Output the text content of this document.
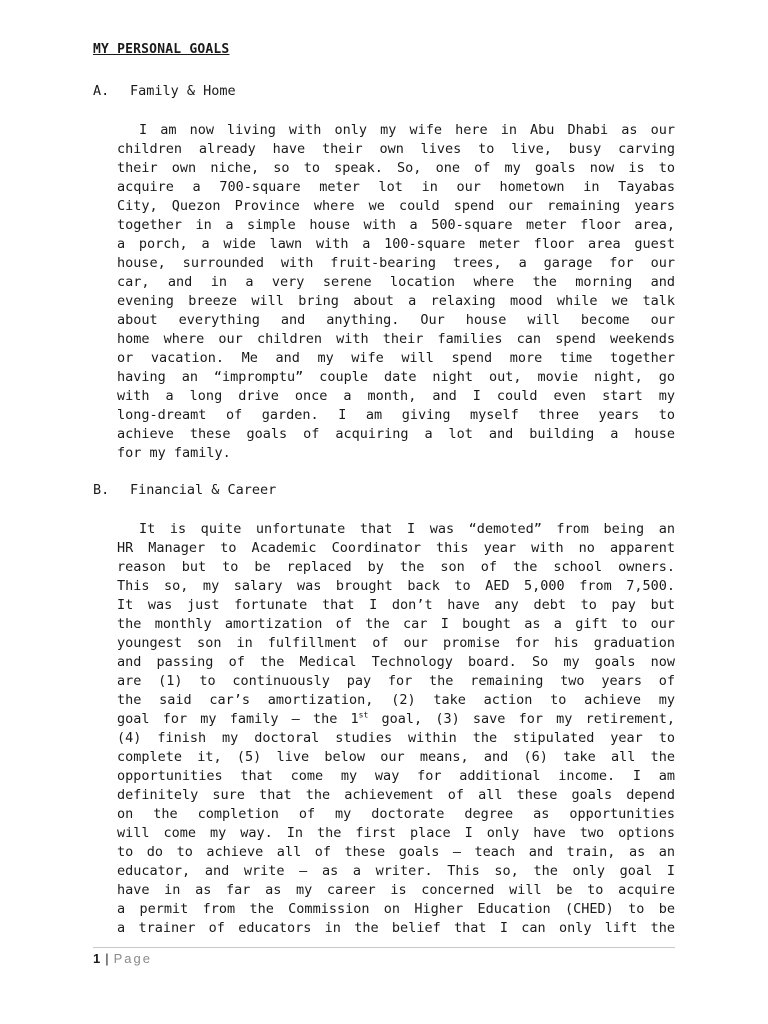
MY PERSONAL GOALS
A. Family & Home
I am now living with only my wife here in Abu Dhabi as our
children already have their own lives to live, busy carving
their own niche, so to speak. So, one of my goals now is to
acquire a 700-square meter lot in our hometown in Tayabas
City, Quezon Province where we could spend our remaining years
together in a simple house with a 500-square meter floor area,
a porch, a wide lawn with a 100-square meter floor area guest
house, surrounded with fruit-bearing trees, a garage for our
car, and in a very serene location where the morning and
evening breeze will bring about a relaxing mood while we talk
about everything and anything. Our house will become our
home where our children with their families can spend weekends
or vacation. Me and my wife will spend more time together
having an “impromptu” couple date night out, movie night, go
with a long drive once a month, and I could even start my
long-dreamt of garden. I am giving myself three years to
achieve these goals of acquiring a lot and building a house
for my family.
B. Financial & Career
It is quite unfortunate that I was “demoted” from being an
HR Manager to Academic Coordinator this year with no apparent
reason but to be replaced by the son of the school owners.
This so, my salary was brought back to AED 5,000 from 7,500.
It was just fortunate that I don’t have any debt to pay but
the monthly amortization of the car I bought as a gift to our
youngest son in fulfillment of our promise for his graduation
and passing of the Medical Technology board. So my goals now
are (1) to continuously pay for the remaining two years of
the said car’s amortization, (2) take action to achieve my
goal for my family – the 1st goal, (3) save for my retirement,
(4) finish my doctoral studies within the stipulated year to
complete it, (5) live below our means, and (6) take all the
opportunities that come my way for additional income. I am
definitely sure that the achievement of all these goals depend
on the completion of my doctorate degree as opportunities
will come my way. In the first place I only have two options
to do to achieve all of these goals – teach and train, as an
educator, and write – as a writer. This so, the only goal I
have in as far as my career is concerned will be to acquire
a permit from the Commission on Higher Education (CHED) to be
a trainer of educators in the belief that I can only lift the
1 | Page
